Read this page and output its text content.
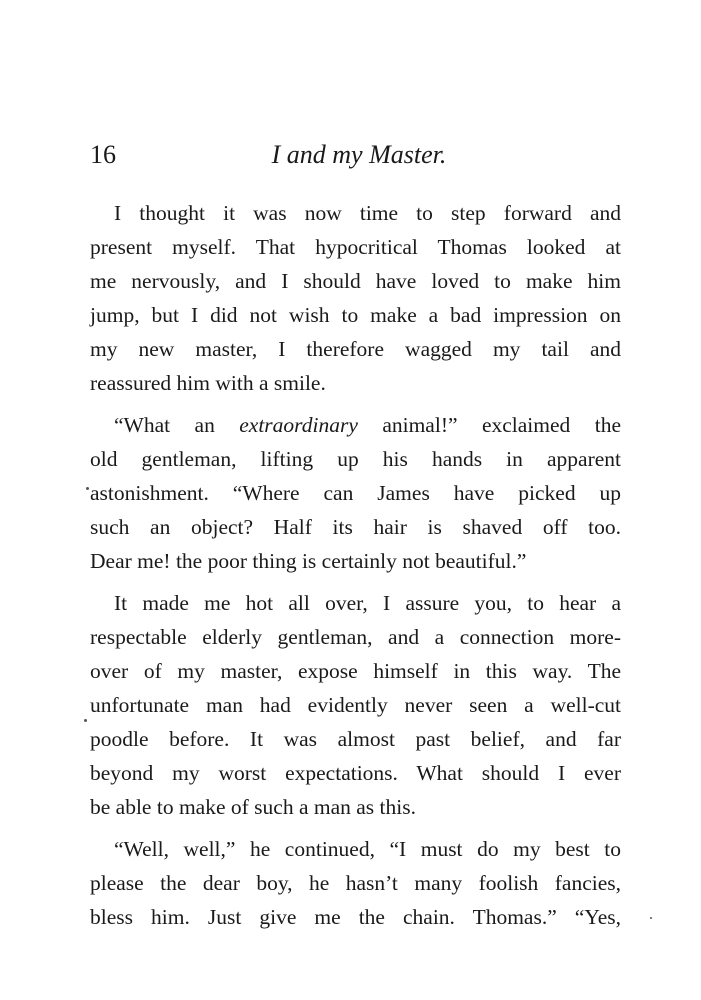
16	I and my Master.

I thought it was now time to step forward and
present myself. That hypocritical Thomas looked at
me nervously, and I should have loved to make him
jump, but I did not wish to make a bad impression on
my new master, I therefore wagged my tail and
reassured him with a smile.

“What an extraordinary animal!” exclaimed the
old gentleman, lifting up his hands in apparent
astonishment. “Where can James have picked up
such an object? Half its hair is shaved off too.
Dear me! the poor thing is certainly not beautiful.”

It made me hot all over, I assure you, to hear a
respectable elderly gentleman, and a connection more-
over of my master, expose himself in this way. The
unfortunate man had evidently never seen a well-cut
poodle before. It was almost past belief, and far
beyond my worst expectations. What should I ever
be able to make of such a man as this.

“Well, well,” he continued, “I must do my best to
please the dear boy, he hasn’t many foolish fancies,
bless him. Just give me the chain. Thomas.” “Yes,
